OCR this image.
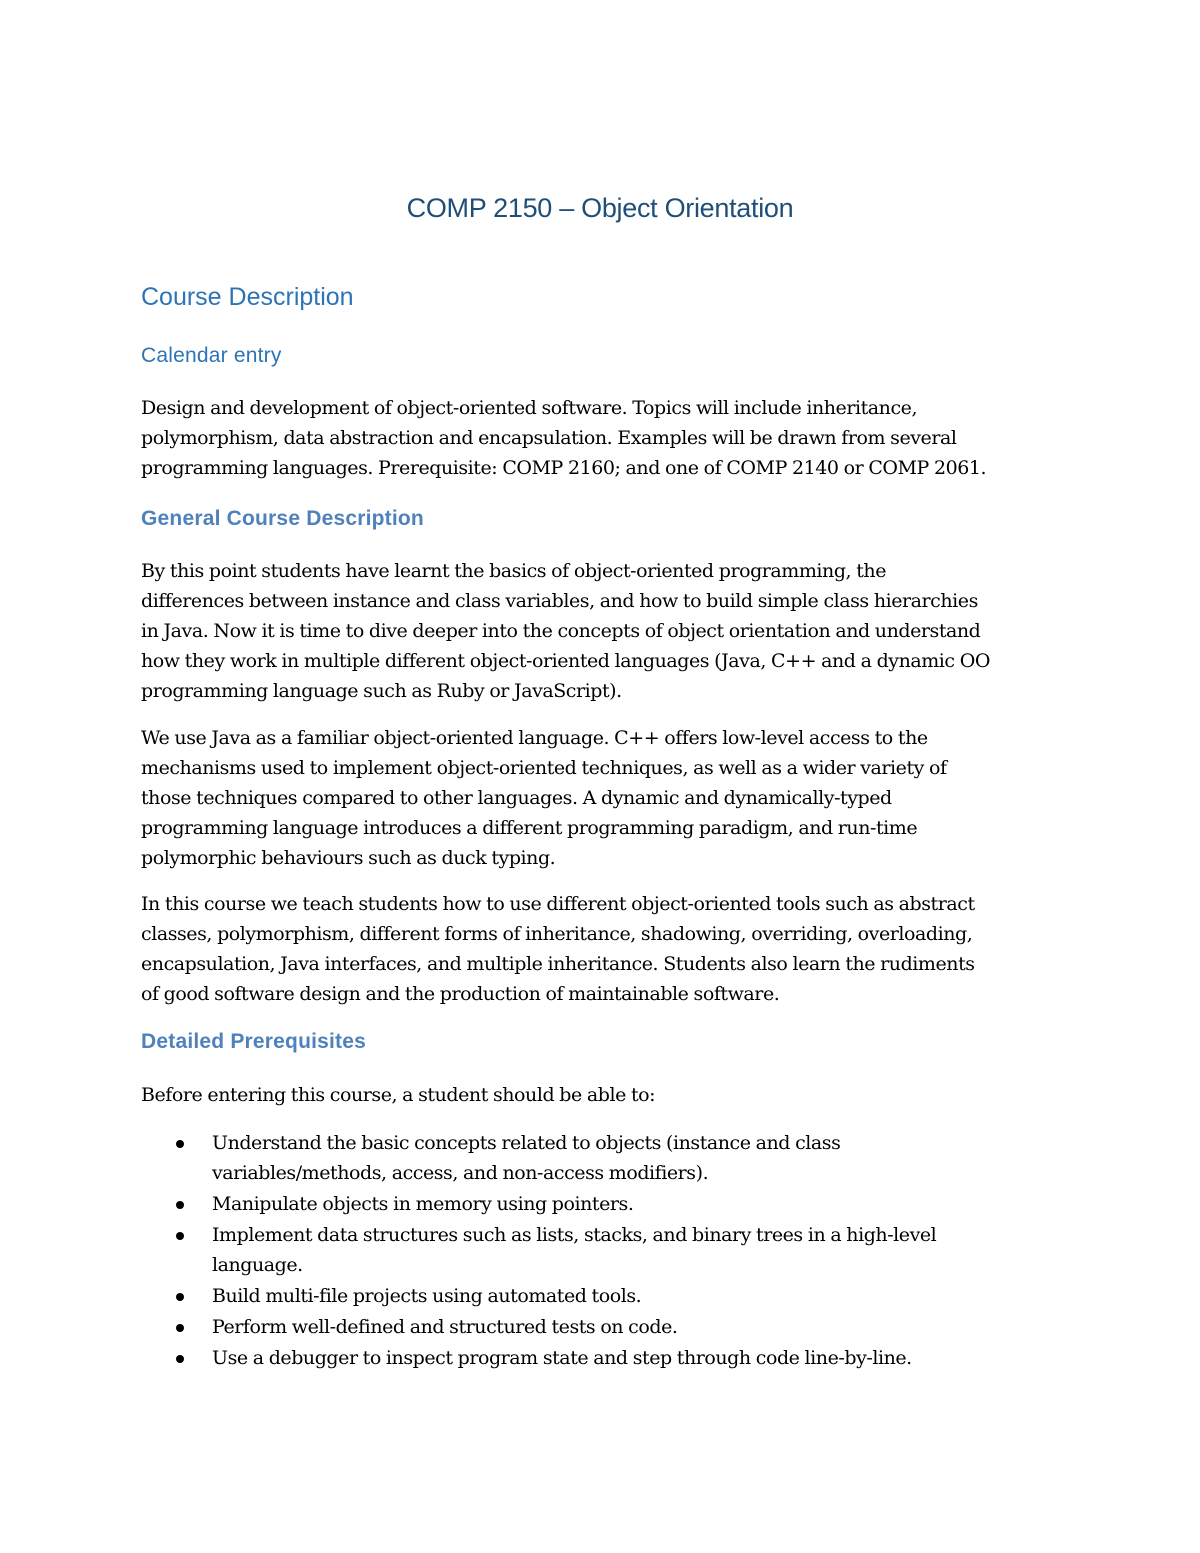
COMP 2150 – Object Orientation
Course Description
Calendar entry

Design and development of object-oriented software. Topics will include inheritance,
polymorphism, data abstraction and encapsulation. Examples will be drawn from several
programming languages. Prerequisite: COMP 2160; and one of COMP 2140 or COMP 2061.

General Course Description

By this point students have learnt the basics of object-oriented programming, the
differences between instance and class variables, and how to build simple class hierarchies
in Java. Now it is time to dive deeper into the concepts of object orientation and understand
how they work in multiple different object-oriented languages (Java, C++ and a dynamic OO
programming language such as Ruby or JavaScript).

We use Java as a familiar object-oriented language. C++ offers low-level access to the
mechanisms used to implement object-oriented techniques, as well as a wider variety of
those techniques compared to other languages. A dynamic and dynamically-typed
programming language introduces a different programming paradigm, and run-time
polymorphic behaviours such as duck typing.

In this course we teach students how to use different object-oriented tools such as abstract
classes, polymorphism, different forms of inheritance, shadowing, overriding, overloading,
encapsulation, Java interfaces, and multiple inheritance. Students also learn the rudiments
of good software design and the production of maintainable software.

Detailed Prerequisites

Before entering this course, a student should be able to:

Understand the basic concepts related to objects (instance and class
variables/methods, access, and non-access modifiers).
Manipulate objects in memory using pointers.
Implement data structures such as lists, stacks, and binary trees in a high-level
language.
Build multi-file projects using automated tools.
Perform well-defined and structured tests on code.
Use a debugger to inspect program state and step through code line-by-line.
